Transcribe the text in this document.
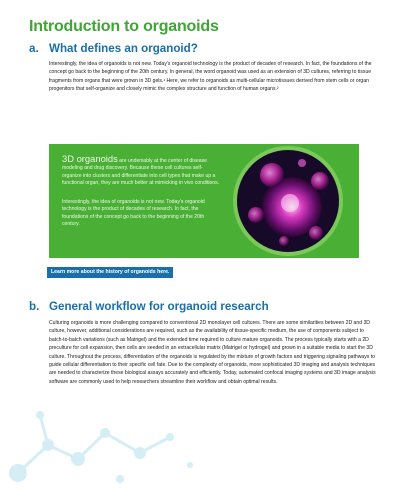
Introduction to organoids
a. What defines an organoid?

Interestingly, the idea of organoids is not new. Today’s organoid technology is the product of decades of research. In fact, the foundations of the concept go back to the beginning of the 20th century. In general, the word organoid was used as an extension of 3D cultures, referring to tissue fragments from organs that were grown in 3D gels.¹ Here, we refer to organoids as multi-cellular microtissues derived from stem cells or organ progenitors that self-organize and closely mimic the complex structure and function of human organs.²

3D organoids are undeniably at the center of disease modeling and drug discovery. Because these cell cultures self-organize into clusters and differentiate into cell types that make up a functional organ, they are much better at mimicking in vivo conditions.

Interestingly, the idea of organoids is not new. Today’s organoid technology is the product of decades of research. In fact, the foundations of the concept go back to the beginning of the 20th century.

Learn more about the history of organoids here.
b. General workflow for organoid research

Culturing organoids is more challenging compared to conventional 2D monolayer cell cultures. There are some similarities between 2D and 3D culture, however, additional considerations are required, such as the availability of tissue-specific medium, the use of components subject to batch-to-batch variations (such as Matrigel) and the extended time required to culture mature organoids. The process typically starts with a 2D preculture for cell expansion, then cells are seeded in an extracellular matrix (Matrigel or hydrogel) and grown in a suitable media to start the 3D culture. Throughout the process, differentiation of the organoids is regulated by the mixture of growth factors and triggering signaling pathways to guide cellular differentiation to their specific cell fate. Due to the complexity of organoids, more sophisticated 3D imaging and analysis techniques are needed to characterize these biological assays accurately and efficiently. Today, automated confocal imaging systems and 3D image analysis software are commonly used to help researchers streamline their workflow and obtain optimal results.
